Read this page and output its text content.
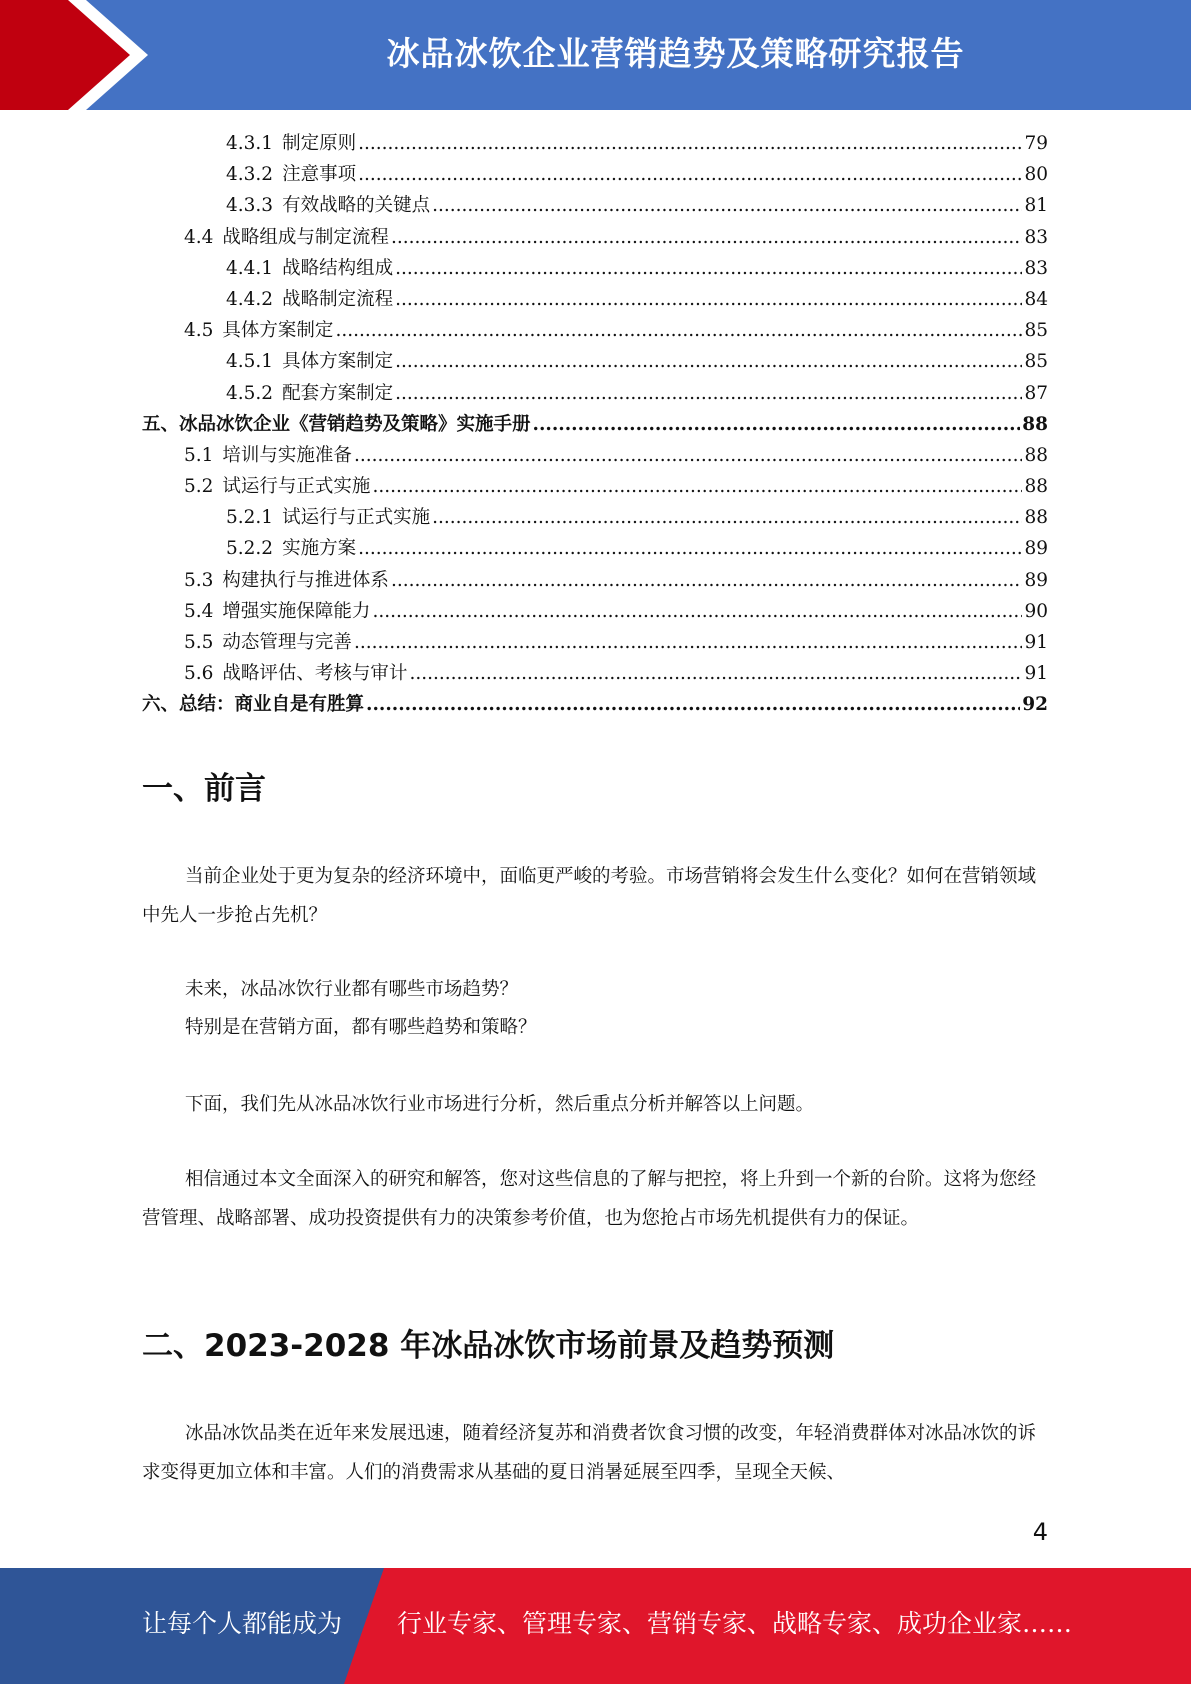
冰品冰饮企业营销趋势及策略研究报告
4.3.1 制定原则 .....	79
4.3.2 注意事项 .....	80
4.3.3 有效战略的关键点 .....	81
4.4 战略组成与制定流程 .....	83
4.4.1 战略结构组成 .....	83
4.4.2 战略制定流程 .....	84
4.5 具体方案制定 .....	85
4.5.1 具体方案制定 .....	85
4.5.2 配套方案制定 .....	87
五、 冰品冰饮企业《营销趋势及策略》实施手册 .....	88
5.1 培训与实施准备 .....	88
5.2 试运行与正式实施 .....	88
5.2.1 试运行与正式实施 .....	88
5.2.2 实施方案 .....	89
5.3 构建执行与推进体系 .....	89
5.4 增强实施保障能力 .....	90
5.5 动态管理与完善 .....	91
5.6 战略评估、考核与审计 .....	91
六、 总结：商业自是有胜算 .....	92
一、前言
当前企业处于更为复杂的经济环境中，面临更严峻的考验。市场营销将会发生什么变化？如何在营销领域中先人一步抢占先机？
未来，冰品冰饮行业都有哪些市场趋势？
特别是在营销方面，都有哪些趋势和策略？
下面，我们先从冰品冰饮行业市场进行分析，然后重点分析并解答以上问题。
相信通过本文全面深入的研究和解答，您对这些信息的了解与把控，将上升到一个新的台阶。这将为您经营管理、战略部署、成功投资提供有力的决策参考价值，也为您抢占市场先机提供有力的保证。
二、2023-2028 年冰品冰饮市场前景及趋势预测
冰品冰饮品类在近年来发展迅速，随着经济复苏和消费者饮食习惯的改变，年轻消费群体对冰品冰饮的诉求变得更加立体和丰富。人们的消费需求从基础的夏日消暑延展至四季，呈现全天候、
4
让每个人都能成为 行业专家、管理专家、营销专家、战略专家、成功企业家……
